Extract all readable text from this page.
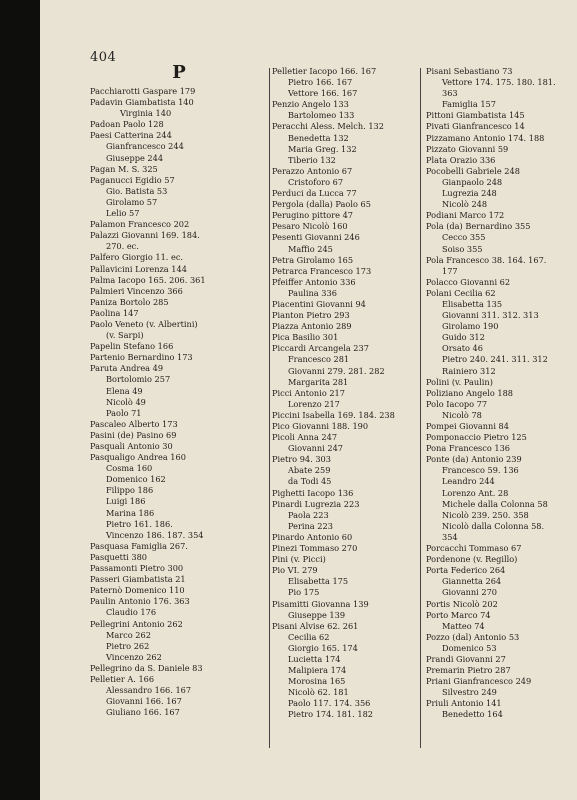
404
P
Pacchiarotti Gaspare 179
Padavin Giambatista 140
Virginia 140
Padoan Paolo 128
Paesi Catterina 244
Gianfrancesco 244
Giuseppe 244
Pagan M. S. 325
Paganucci Egidio 57
Gio. Batista 53
Girolamo 57
Lelio 57
Palamon Francesco 202
Palazzi Giovanni 169. 184.
270. ec.
Palfero Giorgio 11. ec.
Pallavicini Lorenza 144
Palma Iacopo 165. 206. 361
Palmieri Vincenzo 366
Paniza Bortolo 285
Paolina 147
Paolo Veneto (v. Albertini)
(v. Sarpi)
Papelin Stefano 166
Partenio Bernardino 173
Paruta Andrea 49
Bortolomio 257
Elena 49
Nicolò 49
Paolo 71
Pascaleo Alberto 173
Pasini (de) Pasino 69
Pasquali Antonio 30
Pasqualigo Andrea 160
Cosma 160
Domenico 162
Filippo 186
Luigi 186
Marina 186
Pietro 161. 186.
Vincenzo 186. 187. 354
Pasquasa Famiglia 267.
Pasquetti 380
Passamonti Pietro 300
Passeri Giambatista 21
Paternò Domenico 110
Paulin Antonio 176. 363
Claudio 176
Pellegrini Antonio 262
Marco 262
Pietro 262
Vincenzo 262
Pellegrino da S. Daniele 83
Pelletier A. 166
Alessandro 166. 167
Giovanni 166. 167
Giuliano 166. 167
Pelletier Iacopo 166. 167
Pietro 166. 167
Vettore 166. 167
Penzio Angelo 133
Bartolomeo 133
Peracchi Aless. Melch. 132
Benedetta 132
Maria Greg. 132
Tiberio 132
Perazzo Antonio 67
Cristoforo 67
Perduci da Lucca 77
Pergola (dalla) Paolo 65
Perugino pittore 47
Pesaro Nicolò 160
Pesenti Giovanni 246
Maffio 245
Petra Girolamo 165
Petrarca Francesco 173
Pfeiffer Antonio 336
Paulina 336
Piacentini Giovanni 94
Pianton Pietro 293
Piazza Antonio 289
Pica Basilio 301
Piccardi Arcangela 237
Francesco 281
Giovanni 279. 281. 282
Margarita 281
Picci Antonio 217
Lorenzo 217
Piccini Isabella 169. 184. 238
Pico Giovanni 188. 190
Picoli Anna 247
Giovanni 247
Pietro 94. 303
Abate 259
da Todi 45
Pighetti Iacopo 136
Pinardi Lugrezia 223
Paola 223
Perina 223
Pinardo Antonio 60
Pinezi Tommaso 270
Pini (v. Picci)
Pio VI. 279
Elisabetta 175
Pio 175
Pisamitti Giovanna 139
Giuseppe 139
Pisani Alvise 62. 261
Cecilia 62
Giorgio 165. 174
Lucietta 174
Malipiera 174
Morosina 165
Nicolò 62. 181
Paolo 117. 174. 356
Pietro 174. 181. 182
Pisani Sebastiano 73
Vettore 174. 175. 180. 181.
363
Famiglia 157
Pittoni Giambatista 145
Pivati Gianfrancesco 14
Pizzamano Antonio 174. 188
Pizzato Giovanni 59
Plata Orazio 336
Pocobelli Gabriele 248
Gianpaolo 248
Lugrezia 248
Nicolò 248
Podiani Marco 172
Pola (da) Bernardino 355
Cecco 355
Soiso 355
Pola Francesco 38. 164. 167.
177
Polacco Giovanni 62
Polani Cecilia 62
Elisabetta 135
Giovanni 311. 312. 313
Girolamo 190
Guido 312
Orsato 46
Pietro 240. 241. 311. 312
Rainiero 312
Polini (v. Paulin)
Poliziano Angelo 188
Polo Iacopo 77
Nicolò 78
Pompei Giovanni 84
Pomponaccio Pietro 125
Pona Francesco 136
Ponte (da) Antonio 239
Francesco 59. 136
Leandro 244
Lorenzo Ant. 28
Michele dalla Colonna 58
Nicolò 239. 250. 358
Nicolò dalla Colonna 58.
354
Porcacchi Tommaso 67
Pordenone (v. Regillo)
Porta Federico 264
Giannetta 264
Giovanni 270
Portis Nicolò 202
Porto Marco 74
Matteo 74
Pozzo (dal) Antonio 53
Domenico 53
Prandi Giovanni 27
Premarin Pietro 287
Priani Gianfrancesco 249
Silvestro 249
Priuli Antonio 141
Benedetto 164
